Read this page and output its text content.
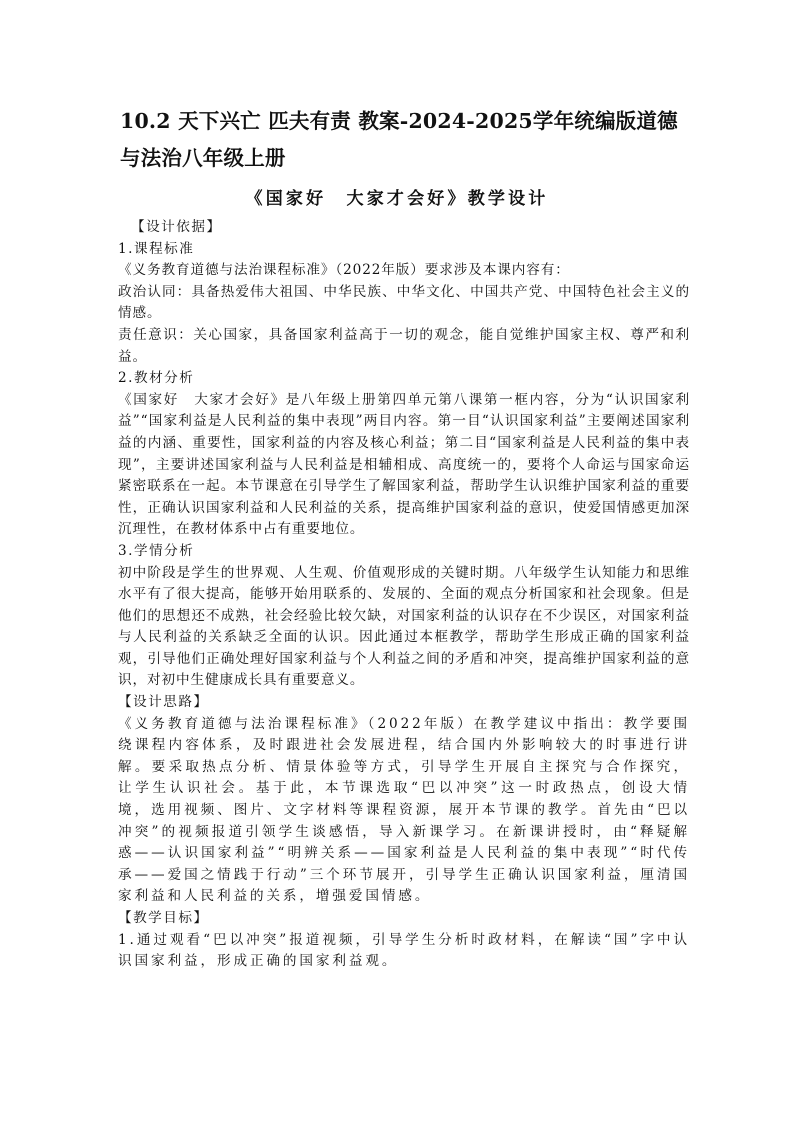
10.2 天下兴亡 匹夫有责 教案-2024-2025学年统编版道德与法治八年级上册
《国家好　大家才会好》教学设计

【设计依据】

1.课程标准

《义务教育道德与法治课程标准》（2022年版）要求涉及本课内容有：

政治认同：具备热爱伟大祖国、中华民族、中华文化、中国共产党、中国特色社会主义的情感。

责任意识：关心国家，具备国家利益高于一切的观念，能自觉维护国家主权、尊严和利益。

2.教材分析

《国家好　大家才会好》是八年级上册第四单元第八课第一框内容，分为“认识国家利益”“国家利益是人民利益的集中表现”两目内容。第一目“认识国家利益”主要阐述国家利益的内涵、重要性，国家利益的内容及核心利益；第二目“国家利益是人民利益的集中表现”，主要讲述国家利益与人民利益是相辅相成、高度统一的，要将个人命运与国家命运紧密联系在一起。本节课意在引导学生了解国家利益，帮助学生认识维护国家利益的重要性，正确认识国家利益和人民利益的关系，提高维护国家利益的意识，使爱国情感更加深沉理性，在教材体系中占有重要地位。

3.学情分析

初中阶段是学生的世界观、人生观、价值观形成的关键时期。八年级学生认知能力和思维水平有了很大提高，能够开始用联系的、发展的、全面的观点分析国家和社会现象。但是他们的思想还不成熟，社会经验比较欠缺，对国家利益的认识存在不少误区，对国家利益与人民利益的关系缺乏全面的认识。因此通过本框教学，帮助学生形成正确的国家利益观，引导他们正确处理好国家利益与个人利益之间的矛盾和冲突，提高维护国家利益的意识，对初中生健康成长具有重要意义。

【设计思路】

《义务教育道德与法治课程标准》（2022年版）在教学建议中指出：教学要围绕课程内容体系，及时跟进社会发展进程，结合国内外影响较大的时事进行讲解。要采取热点分析、情景体验等方式，引导学生开展自主探究与合作探究，让学生认识社会。基于此，本节课选取“巴以冲突”这一时政热点，创设大情境，选用视频、图片、文字材料等课程资源，展开本节课的教学。首先由“巴以冲突”的视频报道引领学生谈感悟，导入新课学习。在新课讲授时，由“释疑解惑——认识国家利益”“明辨关系——国家利益是人民利益的集中表现”“时代传承——爱国之情践于行动”三个环节展开，引导学生正确认识国家利益，厘清国家利益和人民利益的关系，增强爱国情感。

【教学目标】

1.通过观看“巴以冲突”报道视频，引导学生分析时政材料，在解读“国”字中认识国家利益，形成正确的国家利益观。
